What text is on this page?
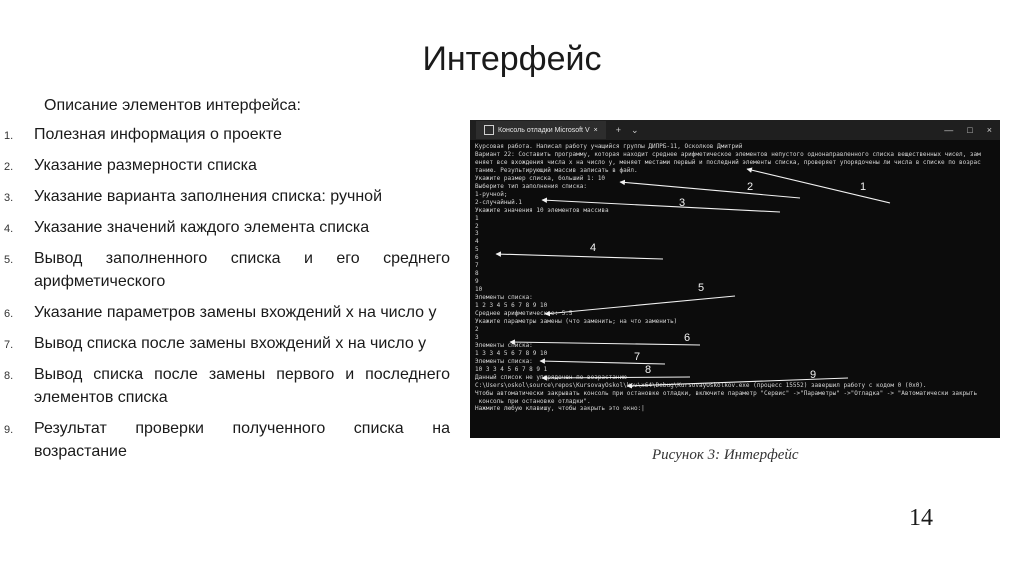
Интерфейс
Описание элементов интерфейса:
1. Полезная информация о проекте
2. Указание размерности списка
3. Указание варианта заполнения списка: ручной
4. Указание значений каждого элемента списка
5. Вывод заполненного списка и его среднего арифметического
6. Указание параметров замены вхождений x на число y
7. Вывод списка после замены вхождений x на число y
8. Вывод списка после замены первого и последнего элементов списка
9. Результат проверки полученного списка на возрастание
Консоль отладки Microsoft V × + ⌄	— □ ×
Курсовая работа. Написал работу учащийся группы ДИПРБ-11, Осколков Дмитрий
Вариант 22: Составить программу, которая находит среднее арифметическое элементов непустого однонаправленного списка вещественных чисел, зам
еняет все вхождения числа x на число y, меняет местами первый и последний элементы списка, проверяет упорядочены ли числа в списке по возрас
танию. Результирующий массив записать в файл.
Укажите размер списка, больший 1: 10
Выберите тип заполнения списка:
1-ручной;
2-случайный.1
Укажите значения 10 элементов массива
1
2
3
4
5
6
7
8
9
10
Элементы списка:
1 2 3 4 5 6 7 8 9 10
Среднее арифметическое: 5.5
Укажите параметры замены (что заменить; на что заменить)
2
3
Элементы списка:
1 3 3 4 5 6 7 8 9 10
Элементы списка:
10 3 3 4 5 6 7 8 9 1
Данный список не упорядочен по возрастанию
C:\Users\oskol\source\repos\KursovayOskol\kov\x64\Debug\KursovayOskolkov.exe (процесс 15552) завершил работу с кодом 0 (0x0).
Чтобы автоматически закрывать консоль при остановке отладки, включите параметр "Сервис" ->"Параметры" ->"Отладка" -> "Автоматически закрыть
консоль при остановке отладки".
Нажмите любую клавишу, чтобы закрыть это окно:|
1
2
3
4
5
6
7
8	9
Рисунок 3: Интерфейс
14
